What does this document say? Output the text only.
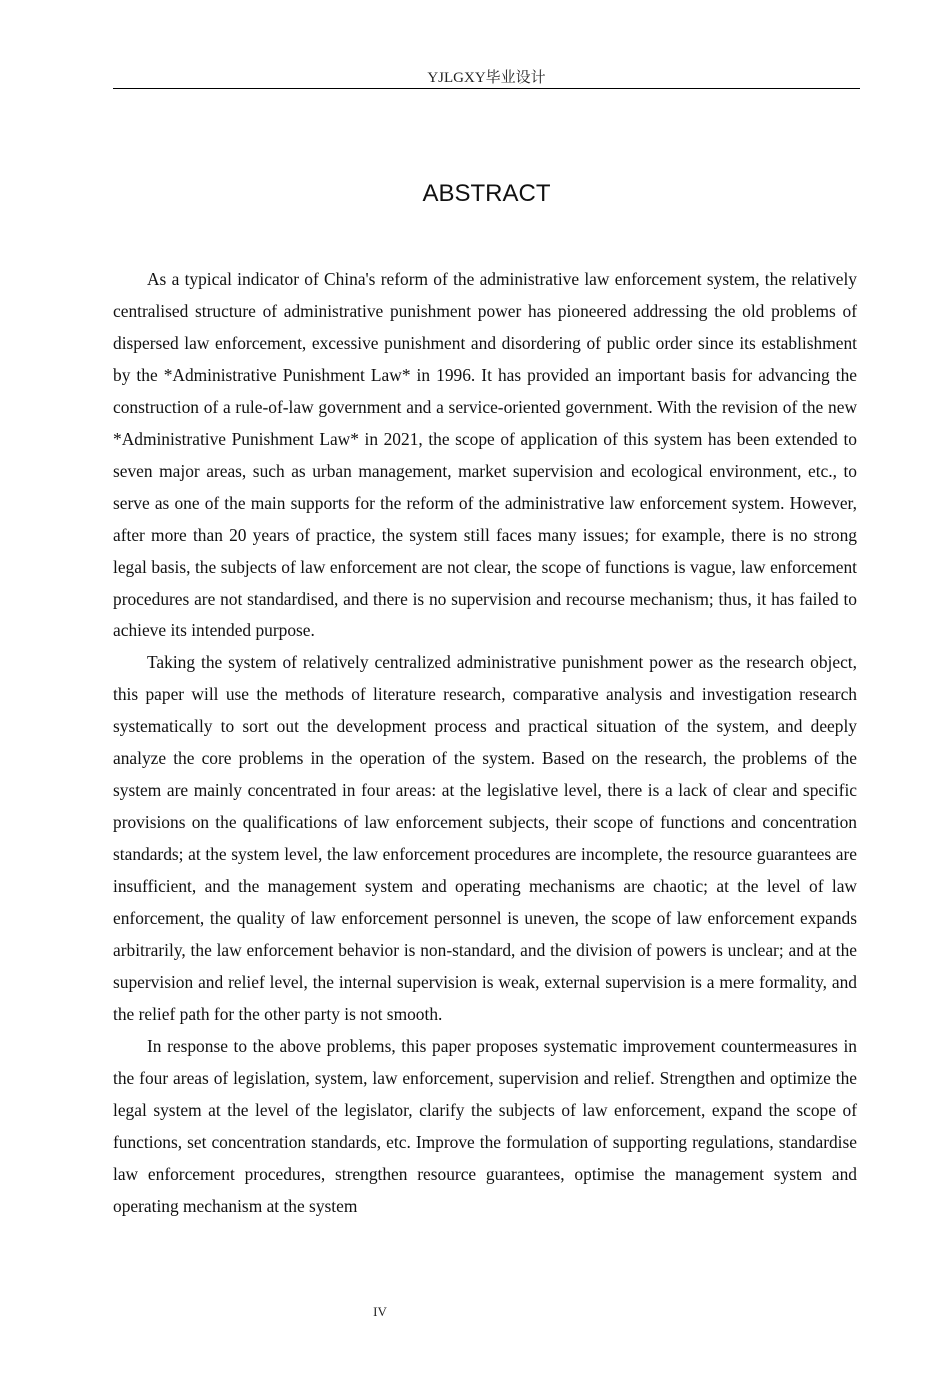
YJLGXY毕业设计
ABSTRACT

As a typical indicator of China's reform of the administrative law enforcement system, the relatively centralised structure of administrative punishment power has pioneered addressing the old problems of dispersed law enforcement, excessive punishment and disordering of public order since its establishment by the *Administrative Punishment Law* in 1996. It has provided an important basis for advancing the construction of a rule-of-law government and a service-oriented government. With the revision of the new *Administrative Punishment Law* in 2021, the scope of application of this system has been extended to seven major areas, such as urban management, market supervision and ecological environment, etc., to serve as one of the main supports for the reform of the administrative law enforcement system. However, after more than 20 years of practice, the system still faces many issues; for example, there is no strong legal basis, the subjects of law enforcement are not clear, the scope of functions is vague, law enforcement procedures are not standardised, and there is no supervision and recourse mechanism; thus, it has failed to achieve its intended purpose.

Taking the system of relatively centralized administrative punishment power as the research object, this paper will use the methods of literature research, comparative analysis and investigation research systematically to sort out the development process and practical situation of the system, and deeply analyze the core problems in the operation of the system. Based on the research, the problems of the system are mainly concentrated in four areas: at the legislative level, there is a lack of clear and specific provisions on the qualifications of law enforcement subjects, their scope of functions and concentration standards; at the system level, the law enforcement procedures are incomplete, the resource guarantees are insufficient, and the management system and operating mechanisms are chaotic; at the level of law enforcement, the quality of law enforcement personnel is uneven, the scope of law enforcement expands arbitrarily, the law enforcement behavior is non-standard, and the division of powers is unclear; and at the supervision and relief level, the internal supervision is weak, external supervision is a mere formality, and the relief path for the other party is not smooth.

In response to the above problems, this paper proposes systematic improvement countermeasures in the four areas of legislation, system, law enforcement, supervision and relief. Strengthen and optimize the legal system at the level of the legislator, clarify the subjects of law enforcement, expand the scope of functions, set concentration standards, etc. Improve the formulation of supporting regulations, standardise law enforcement procedures, strengthen resource guarantees, optimise the management system and operating mechanism at the system

IV
